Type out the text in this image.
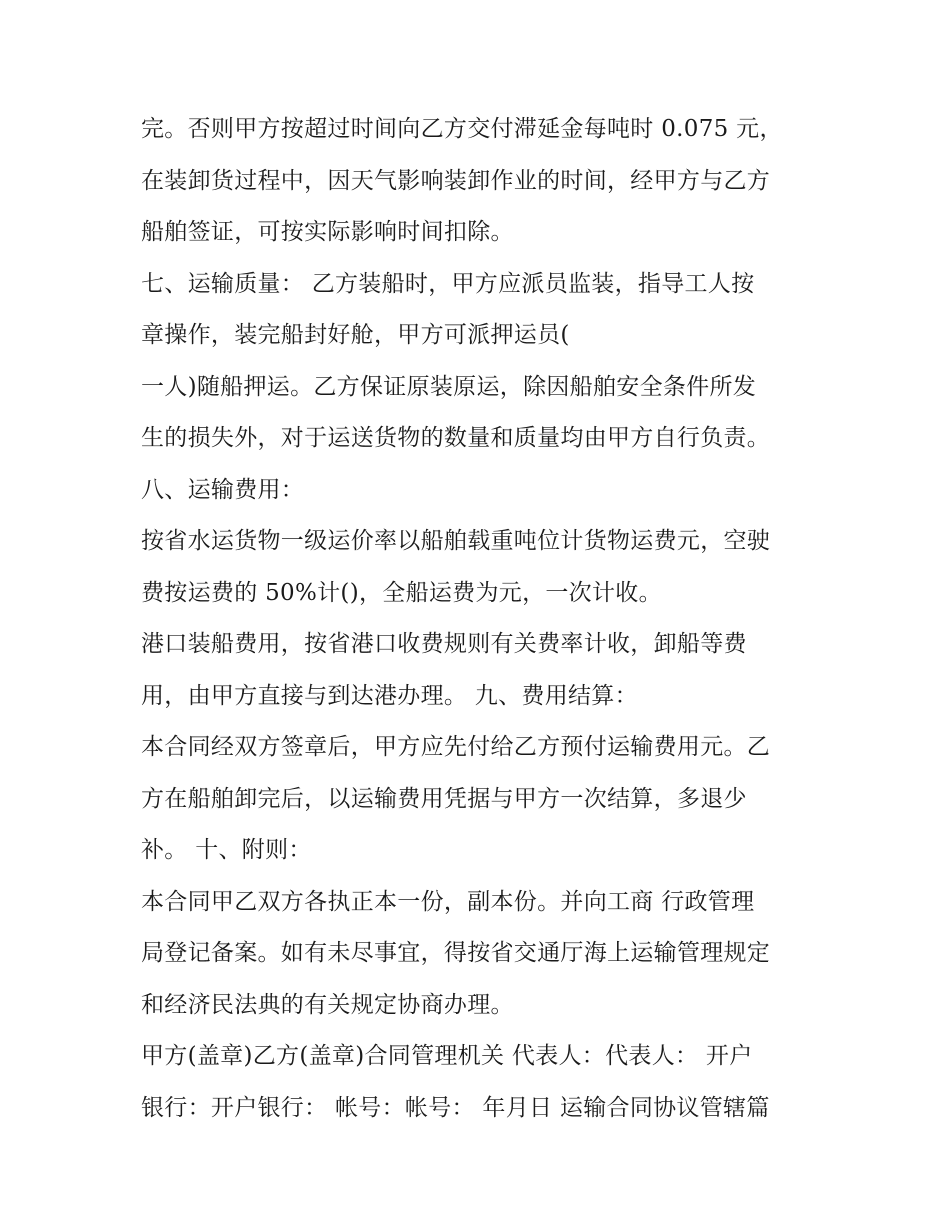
完。否则甲方按超过时间向乙方交付滞延金每吨时 0.075 元，
在装卸货过程中，因天气影响装卸作业的时间，经甲方与乙方
船舶签证，可按实际影响时间扣除。
七、运输质量： 乙方装船时，甲方应派员监装，指导工人按
章操作，装完船封好舱，甲方可派押运员(
一人)随船押运。乙方保证原装原运，除因船舶安全条件所发
生的损失外，对于运送货物的数量和质量均由甲方自行负责。
八、运输费用：
按省水运货物一级运价率以船舶载重吨位计货物运费元，空驶
费按运费的 50%计()，全船运费为元，一次计收。
港口装船费用，按省港口收费规则有关费率计收，卸船等费
用，由甲方直接与到达港办理。 九、费用结算：
本合同经双方签章后，甲方应先付给乙方预付运输费用元。乙
方在船舶卸完后，以运输费用凭据与甲方一次结算，多退少
补。 十、附则：
本合同甲乙双方各执正本一份，副本份。并向工商 行政管理
局登记备案。如有未尽事宜，得按省交通厅海上运输管理规定
和经济民法典的有关规定协商办理。
甲方(盖章)乙方(盖章)合同管理机关 代表人：代表人： 开户
银行：开户银行： 帐号：帐号： 年月日 运输合同协议管辖篇
